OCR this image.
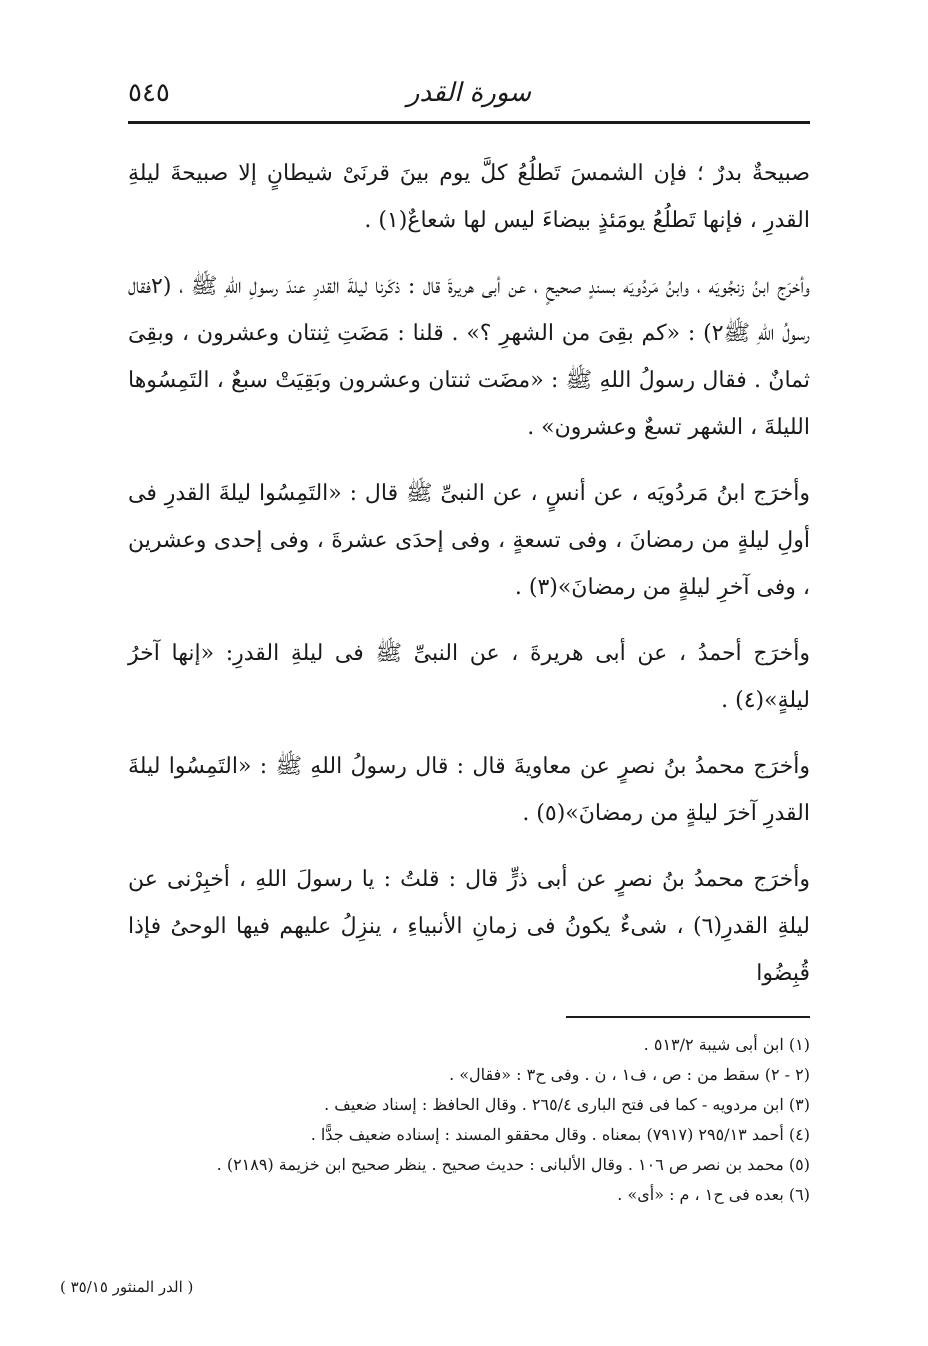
سورة القدر
٥٤٥

صبيحةٌ بدرٌ ؛ فإن الشمسَ تَطلُعُ كلَّ يوم بينَ قرنَىْ شيطانٍ إلا صبيحةَ ليلةِ القدرِ ، فإنها تَطلُعُ يومَئذٍ بيضاءَ ليس لها شعاعٌ(١) .

وأخرَج ابنُ زنجُويَه ، وابنُ مَردُويَه بسندٍ صحيحٍ ، عن أبى هريرةَ قال : ذكَرنا ليلةَ القدرِ عندَ رسولِ اللهِ ﷺ ، (٢فقال رسولُ اللهِ ﷺ٢) : «كم بقِىَ من الشهرِ ؟» . قلنا : مَضَتِ ثِنتان وعشرون ، وبقِىَ ثمانٌ . فقال رسولُ اللهِ ﷺ : «مضَت ثنتان وعشرون وبَقِيَتْ سبعٌ ، التَمِسُوها الليلةَ ، الشهر تسعٌ وعشرون» .

وأخرَج ابنُ مَردُويَه ، عن أنسٍ ، عن النبىِّ ﷺ قال : «التَمِسُوا ليلةَ القدرِ فى أولِ ليلةٍ من رمضانَ ، وفى تسعةٍ ، وفى إحدَى عشرةَ ، وفى إحدى وعشرين ، وفى آخرِ ليلةٍ من رمضانَ»(٣) .

وأخرَج أحمدُ ، عن أبى هريرةَ ، عن النبىِّ ﷺ فى ليلةِ القدرِ: «إنها آخرُ ليلةٍ»(٤) .

وأخرَج محمدُ بنُ نصرٍ عن معاويةَ قال : قال رسولُ اللهِ ﷺ : «التَمِسُوا ليلةَ القدرِ آخرَ ليلةٍ من رمضانَ»(٥) .

وأخرَج محمدُ بنُ نصرٍ عن أبى ذرٍّ قال : قلتُ : يا رسولَ اللهِ ، أخبِرْنى عن ليلةِ القدرِ(٦) ، شىءٌ يكونُ فى زمانِ الأنبياءِ ، ينزِلُ عليهم فيها الوحىُ فإذا قُبِضُوا

(١) ابن أبى شيبة ٥١٣/٢ .
(٢ - ٢) سقط من : ص ، ف١ ، ن . وفى ح٣ : «فقال» .
(٣) ابن مردويه - كما فى فتح البارى ٢٦٥/٤ . وقال الحافظ : إسناد ضعيف .
(٤) أحمد ٢٩٥/١٣ (٧٩١٧) بمعناه . وقال محققو المسند : إسناده ضعيف جدًّا .
(٥) محمد بن نصر ص ١٠٦ . وقال الألبانى : حديث صحيح . ينظر صحيح ابن خزيمة (٢١٨٩) .
(٦) بعده فى ح١ ، م : «أى» .
( الدر المنثور ٣٥/١٥ )
